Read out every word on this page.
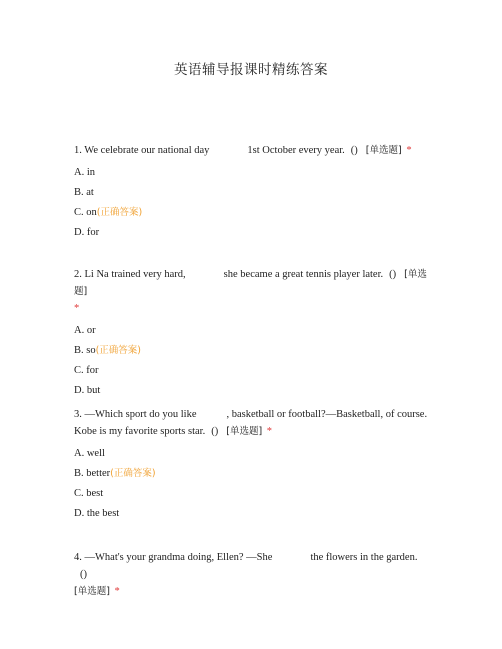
英语辅导报课时精练答案
1. We celebrate our national day	1st October every year. () [单选题] *
A. in
B. at
C. on(正确答案)
D. for
2. Li Na trained very hard,	she became a great tennis player later. () [单选题]
*
A. or
B. so(正确答案)
C. for
D. but
3. —Which sport do you like	, basketball or football?—Basketball, of course.
Kobe is my favorite sports star. () [单选题] *
A. well
B. better(正确答案)
C. best
D. the best
4. —What's your grandma doing, Ellen? —She	the flowers in the garden.()
[单选题] *
